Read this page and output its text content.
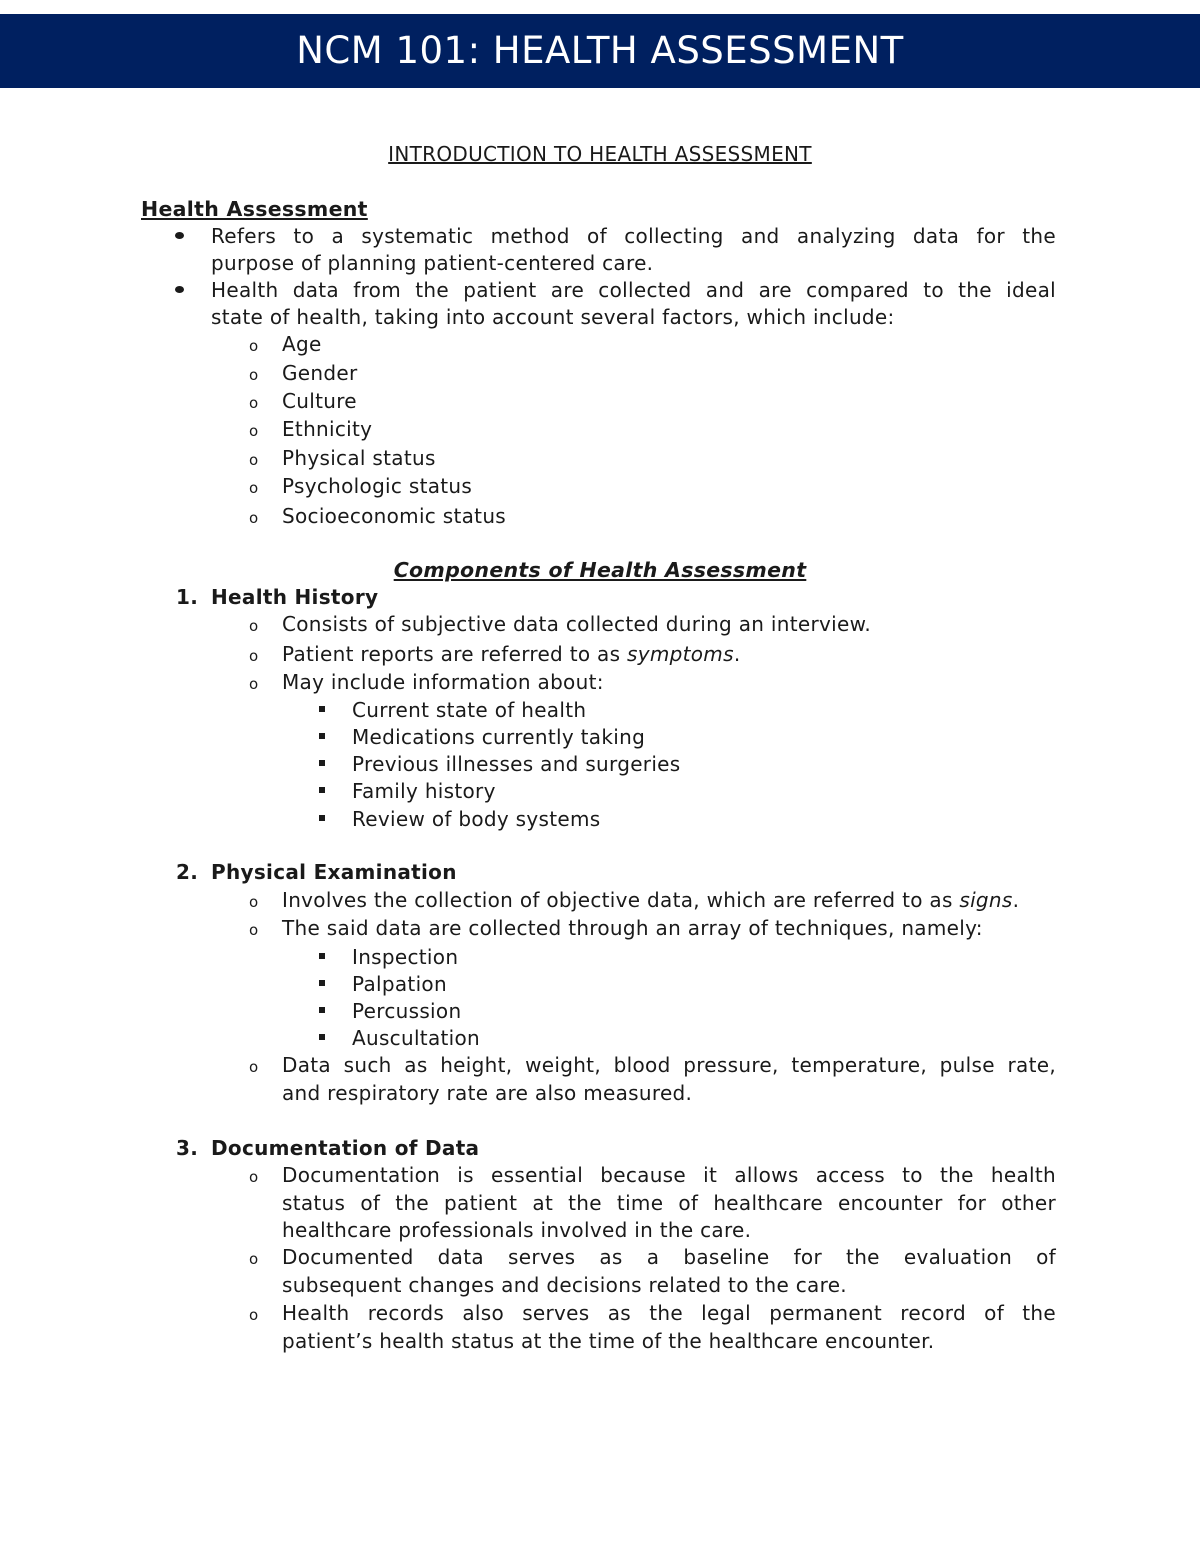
NCM 101: HEALTH ASSESSMENT
INTRODUCTION TO HEALTH ASSESSMENT
Health Assessment
Refers to a systematic method of collecting and analyzing data for the
purpose of planning patient-centered care.
Health data from the patient are collected and are compared to the ideal
state of health, taking into account several factors, which include:
o Age
o Gender
o Culture
o Ethnicity
o Physical status
o Psychologic status
o Socioeconomic status
Components of Health Assessment
1. Health History
o Consists of subjective data collected during an interview.
o Patient reports are referred to as symptoms.
o May include information about:
Current state of health
Medications currently taking
Previous illnesses and surgeries
Family history
Review of body systems
2. Physical Examination
o Involves the collection of objective data, which are referred to as signs.
o The said data are collected through an array of techniques, namely:
Inspection
Palpation
Percussion
Auscultation
o Data such as height, weight, blood pressure, temperature, pulse rate,
and respiratory rate are also measured.
3. Documentation of Data
o Documentation is essential because it allows access to the health
status of the patient at the time of healthcare encounter for other
healthcare professionals involved in the care.
o Documented data serves as a baseline for the evaluation of
subsequent changes and decisions related to the care.
o Health records also serves as the legal permanent record of the
patient’s health status at the time of the healthcare encounter.
